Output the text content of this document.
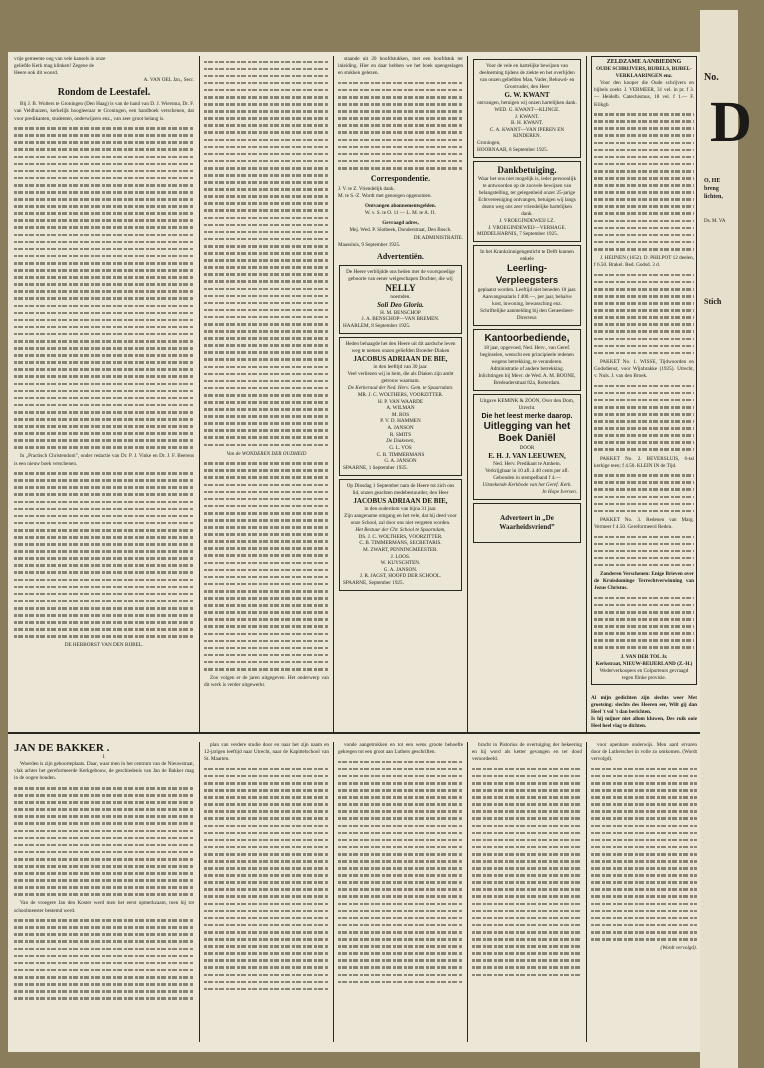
vrije gemeente oog van vele kansels in onze
geliefde Kerk mag klinken! Zegene de
Heere ook dit woord.
A. VAN OEL Jzn., Secr.
Rondom de Leestafel.

Bij J. B. Wolters te Groningen (Den Haag) is van de hand van D. J. Wiersma, Dr. F. van Veldhuizen, kerkelijk hoogleeraar te Groningen, een handboek verschenen, dat voor predikanten, studenten, onderwijzers enz., van zeer groot belang is.

In „Practisch Christendom”, onder redactie van Dr. P. J. Vinke en Dr. J. F. Beerens is een nieuw boek verschenen.

DE HERBORST VAN DEN BIJBEL.

Van de WONDEREN DER OUDHEID

Zoo volgen er de jaren uitgegeven. Het onderwerp van dit werk is verder uitgewerkt.

staande uit 20 hoofdstukken, met een hoofdstuk ter inleiding. Hier en daar hebben we het boek opengeslagen en stukken gelezen.

Correspondentie.
J. V. te Z. Vriendelijk dank.
M. te S.-Z. Wordt met genoegen opgenomen.
Ontvangen abonnementsgelden.
W. v. S. te O. 11 — L. M. te A. f1.
Gevraagd adres,
Mej. Wed. P. Slotbeek, Donderstraat, Den Bosch.
DE ADMINISTRATIE.
Maassluis, 9 September 1925.
Advertentiën.
De Heere verblijdde ons heden met de voorspoedige geboorte van eener welgeschapen Dochter, die wij
NELLY
noemden.
Soli Deo Gloria.
H. M. BENSCHOP
J. A. BENSCHOP—VAN BREMEN.
HAARLEM, 8 September 1925.
Heden behaagde het den Heere uit dit aardsche leven weg te nemen onzen geliefden Broeder-Diaken
JACOBUS ADRIAAN DE BIE,
in den leeftijd van 30 jaar.
Veel verliezen wij in hem, die als Diaken zijn ambt getrouw waarnam.
De Kerkeraad der Ned. Herv. Gem. te Spaarndam.
MR. J. C. WOLTHERS, VOORZITTER.
H. P. VAN WAARDE
A. WILMAN
M. ROS
P. V. D. HAMMEN
A. JANSON
R. SMITS
De Diakenen,
G. L. VOS
C. B. TIMMERMANS
G. A. JANSON
SPAARNE, 1 September 1925.
Op Dinsdag 1 September nam de Heere tot zich ons lid, onzen geachten medebestuurder, den Heer
JACOBUS ADRIAAN DE BIE,
in den ouderdom van bijna 31 jaar.
Zijn aangename omgang en het vele, dat hij deed voor onze School, zal door ons niet vergeten worden.
Het Bestuur der Chr. School te Spaarndam,
DS. J. C. WOLTHERS, VOORZITTER.
C. B. TIMMERMANS, SECRETARIS.
M. ZWART, PENNINGMEESTER.
J. LOOS.
W. KUYSCHTEN.
G. A. JANSON.
J. R. JAGST, HOOFD DER SCHOOL.
SPAARNE, September 1925.
Voor de vele en hartelijke bewijzen van deelneming tijdens de ziekte en het overlijden van onzen geliefden Man, Vader, Behuwd- en Grootvader, den Heer
G. W. KWANT
ontvangen, betuigen wij onzen hartelijken dank.
WED. G. KWANT—KLINGE.
J. KWANT.
B. H. KWANT.
C. A. KWANT—VAN IPEREN EN KINDEREN.
Groningen,
HOORNAAR, 8 September 1925.
Dankbetuiging.
Waar het ons niet mogelijk is, ieder persoonlijk te antwoorden op de zoovele bewijzen van belangstelling, ter gelegenheid onzer 25-jarige Echtvereeniging ontvangen, betuigen wij langs dezen weg ons zeer vriendelijke hartelijken dank.
J. VROEGINDEWEIJ LZ.
J. VROEGINDEWEIJ—VERHAGE.
MIDDELHARNIS, 7 September 1925.
In het Krankzinnigengesticht te Delft kunnen enkele
Leerling-Verpleegsters
geplaatst worden. Leeftijd niet beneden 18 jaar. Aanvangssalaris f 400.—, per jaar, behalve kost, inwoning, bewassching enz.
Schriftelijke aanmelding bij den Geneesheer-Directeur.
Kantoorbediende,
18 jaar, opgevoed, Ned. Herv., van Geref. beginselen, wenscht een principieele redenen wegens betrekking, te veranderen. Administratie of andere betrekking. Inlichtingen bij Mevr. de Wed. A. M. BOONE, Bredeaderstraat 82a, Rotterdam.
Uitgave KEMINK & ZOON, Over den Dom, Utrecht.
Die het leest merke daarop.
Uitlegging van het Boek Daniël
DOOR
E. H. J. VAN LEEUWEN,
Ned. Herv. Predikant te Amhem.
Verkrijgbaar in 10 afl. à 40 cents per afl. Gebonden in stempelband f 4.—
Uitstekende Kerkbode van het Geref. Kerk.
In Hope Iversen.
Adverteert in „De Waarheidsvriend”
ZELDZAME AANBIEDING
OUDE SCHRIJVERS, BIJBELS, BIJBEL-VERKLAARINGEN enz.

Voor den kooper die Oude schrijvers en bijbels zoekt. J. VERMEER, 31 vel. in pr. f 3.— Heidelb. Catechismus, 18 vel. f 1.— F. Klikgb.

J. HEIJNEN (1652). D. PHILPOT 12 deelen, f 6.50. Brakel. Red. Godsd. 3 d.

PAKKET No. 1. WISSE, Tijdwoorden en Godsdienst, voor Wijnbrakke (1925). Utrecht, v. Nuls. J. van den Broek.

PAKKET No. 2. BEVERSLUIS, 6-tal kerkige teen; f 4.50. KLEIN IN de Tijd.

PAKKET No. 3. Redenen van Marg. Vermeer f 4.50. Gereformeerd Reden.

Zonderen Verschenen: Enige Brieven over de Kruisdominge Terrechtverwinning van Jezus Christus.

J. VAN DER TOL Jr.
Kerkstraat, NIEUW-BEIJERLAND (Z.-H.)
Wederverkoopers en Colporteurs gevraagd tegen flinke provisie.
Al mijn gedichten zijn slechts weer Met groetsing: slechts des Heeren eer, Wilt gij dan Heel 't vol 't dan berichten.
Is hij mijner niet allom kluwen, Des ruik ooie Heel heel vlag te dichten.
JAN DE BAKKER .
I.

Woerden is zijn geboorteplaats. Daar, waar men in het centrum van de Nieuwstraat, vlak achter het gereformeerde Kerkgebouw, de geschiedenis van Jan de Bakker mag in de oogen houden.

Van de vroegere Jan den Koster werd men het eerst opmerkzaam, toen hij tot schoolmeester bestemd werd.

plan van verdere studie door en naar het zijn naam en 12-jarigen leeftijd naar Utrecht, naar de Kapittelschool van St. Maarten.

vonde aangetrokken en tot een wens groote behoefte gekregen tot een groot aan Luthers geschriften.

bracht in Pistorius de overtuiging der bekeering en hij word als ketter gevangen en ter dood veroordeeld.

voor openbare onderwijs. Men aard ervaren door de Lutherscher in volle zo omkomen. (Wordt vervolgd).

(Wordt vervolgd).
No.
D
O, HE
breng
lichten,
Ds. M. VA
Stich
